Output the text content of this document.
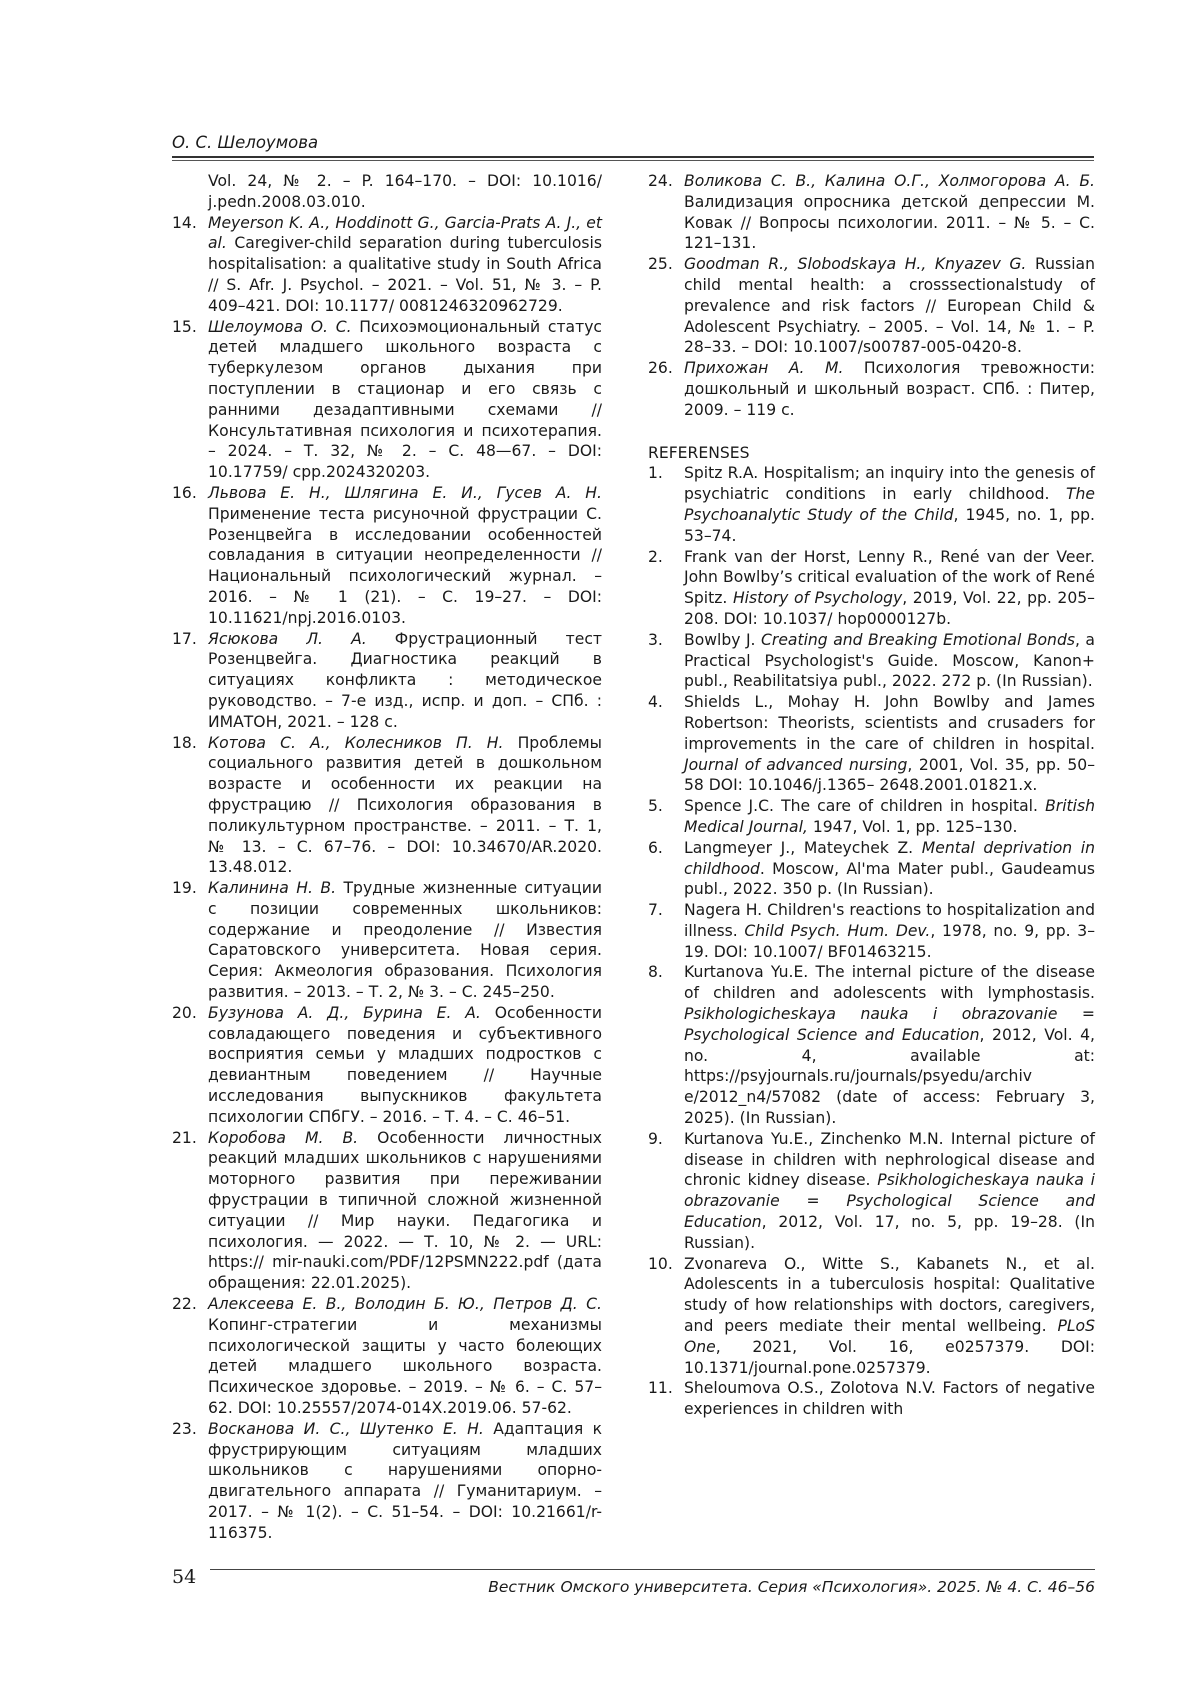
О. С. Шелоумова
Vol. 24, № 2. – P. 164–170. – DOI: 10.1016/ j.pedn.2008.03.010.
14. Meyerson K. A., Hoddinott G., Garcia-Prats A. J., et al. Caregiver-child separation during tuberculosis hospitalisation: a qualitative study in South Africa // S. Afr. J. Psychol. – 2021. – Vol. 51, № 3. – P. 409–421. DOI: 10.1177/ 0081246320962729.
15. Шелоумова О. С. Психоэмоциональный статус детей младшего школьного возраста с туберкулезом органов дыхания при поступлении в стационар и его связь с ранними дезадаптивными схемами // Консультативная психология и психотерапия. – 2024. – Т. 32, № 2. – С. 48—67. – DOI: 10.17759/ cpp.2024320203.
16. Львова Е. Н., Шлягина Е. И., Гусев А. Н. Применение теста рисуночной фрустрации С. Розенцвейга в исследовании особенностей совладания в ситуации неопределенности // Национальный психологический журнал. – 2016. – № 1 (21). – С. 19–27. – DOI: 10.11621/npj.2016.0103.
17. Ясюкова Л. А. Фрустрационный тест Розенцвейга. Диагностика реакций в ситуациях конфликта : методическое руководство. – 7-е изд., испр. и доп. – СПб. : ИМАТОН, 2021. – 128 с.
18. Котова С. А., Колесников П. Н. Проблемы социального развития детей в дошкольном возрасте и особенности их реакции на фрустрацию // Психология образования в поликультурном пространстве. – 2011. – Т. 1, № 13. – С. 67–76. – DOI: 10.34670/AR.2020. 13.48.012.
19. Калинина Н. В. Трудные жизненные ситуации с позиции современных школьников: содержание и преодоление // Известия Саратовского университета. Новая серия. Серия: Акмеология образования. Психология развития. – 2013. – Т. 2, № 3. – С. 245–250.
20. Бузунова А. Д., Бурина Е. А. Особенности совладающего поведения и субъективного восприятия семьи у младших подростков с девиантным поведением // Научные исследования выпускников факультета психологии СПбГУ. – 2016. – Т. 4. – С. 46–51.
21. Коробова М. В. Особенности личностных реакций младших школьников с нарушениями моторного развития при переживании фрустрации в типичной сложной жизненной ситуации // Мир науки. Педагогика и психология. — 2022. — Т. 10, № 2. — URL: https:// mir-nauki.com/PDF/12PSMN222.pdf (дата обращения: 22.01.2025).
22. Алексеева Е. В., Володин Б. Ю., Петров Д. С. Копинг-стратегии и механизмы психологической защиты у часто болеющих детей младшего школьного возраста. Психическое здоровье. – 2019. – № 6. – С. 57–62. DOI: 10.25557/2074-014X.2019.06. 57-62.
23. Восканова И. С., Шутенко Е. Н. Адаптация к фрустрирующим ситуациям младших школьников с нарушениями опорно-двигательного аппарата // Гуманитариум. – 2017. – № 1(2). – С. 51–54. – DOI: 10.21661/r-116375.
24. Воликова С. В., Калина О.Г., Холмогорова А. Б. Валидизация опросника детской депрессии М. Ковак // Вопросы психологии. 2011. – № 5. – С. 121–131.
25. Goodman R., Slobodskaya H., Knyazev G. Russian child mental health: a crosssectionalstudy of prevalence and risk factors // European Child & Adolescent Psychiatry. – 2005. – Vol. 14, № 1. – P. 28–33. – DOI: 10.1007/s00787-005-0420-8.
26. Прихожан А. М. Психология тревожности: дошкольный и школьный возраст. СПб. : Питер, 2009. – 119 с.
REFERENSES
1.	Spitz R.A. Hospitalism; an inquiry into the genesis of psychiatric conditions in early childhood. The Psychoanalytic Study of the Child, 1945, no. 1, pp. 53–74.
2.	Frank van der Horst, Lenny R., René van der Veer. John Bowlby’s critical evaluation of the work of René Spitz. History of Psychology, 2019, Vol. 22, pp. 205–208. DOI: 10.1037/ hop0000127b.
3.	Bowlby J. Creating and Breaking Emotional Bonds, a Practical Psychologist's Guide. Moscow, Kanon+ publ., Reabilitatsiya publ., 2022. 272 p. (In Russian).
4.	Shields L., Mohay H. John Bowlby and James Robertson: Theorists, scientists and crusaders for improvements in the care of children in hospital. Journal of advanced nursing, 2001, Vol. 35, pp. 50–58 DOI: 10.1046/j.1365– 2648.2001.01821.x.
5.	Spence J.C. The care of children in hospital. British Medical Journal, 1947, Vol. 1, pp. 125–130.
6.	Langmeyer J., Mateychek Z. Mental deprivation in childhood. Moscow, Al'ma Mater publ., Gaudeamus publ., 2022. 350 p. (In Russian).
7.	Nagera H. Children's reactions to hospitalization and illness. Child Psych. Hum. Dev., 1978, no. 9, pp. 3–19. DOI: 10.1007/ BF01463215.
8.	Kurtanova Yu.E. The internal picture of the disease of children and adolescents with lymphostasis. Psikhologicheskaya nauka i obrazovanie = Psychological Science and Education, 2012, Vol. 4, no. 4, available at: https://psyjournals.ru/journals/psyedu/archiv e/2012_n4/57082 (date of access: February 3, 2025). (In Russian).
9.	Kurtanova Yu.E., Zinchenko M.N. Internal picture of disease in children with nephrological disease and chronic kidney disease. Psikhologicheskaya nauka i obrazovanie = Psychological Science and Education, 2012, Vol. 17, no. 5, pp. 19–28. (In Russian).
10. Zvonareva O., Witte S., Kabanets N., et al. Adolescents in a tuberculosis hospital: Qualitative study of how relationships with doctors, caregivers, and peers mediate their mental wellbeing. PLoS One, 2021, Vol. 16, e0257379. DOI: 10.1371/journal.pone.0257379.
11. Sheloumova O.S., Zolotova N.V. Factors of negative experiences in children with
54	Вестник Омского университета. Серия «Психология». 2025. № 4. С. 46–56
